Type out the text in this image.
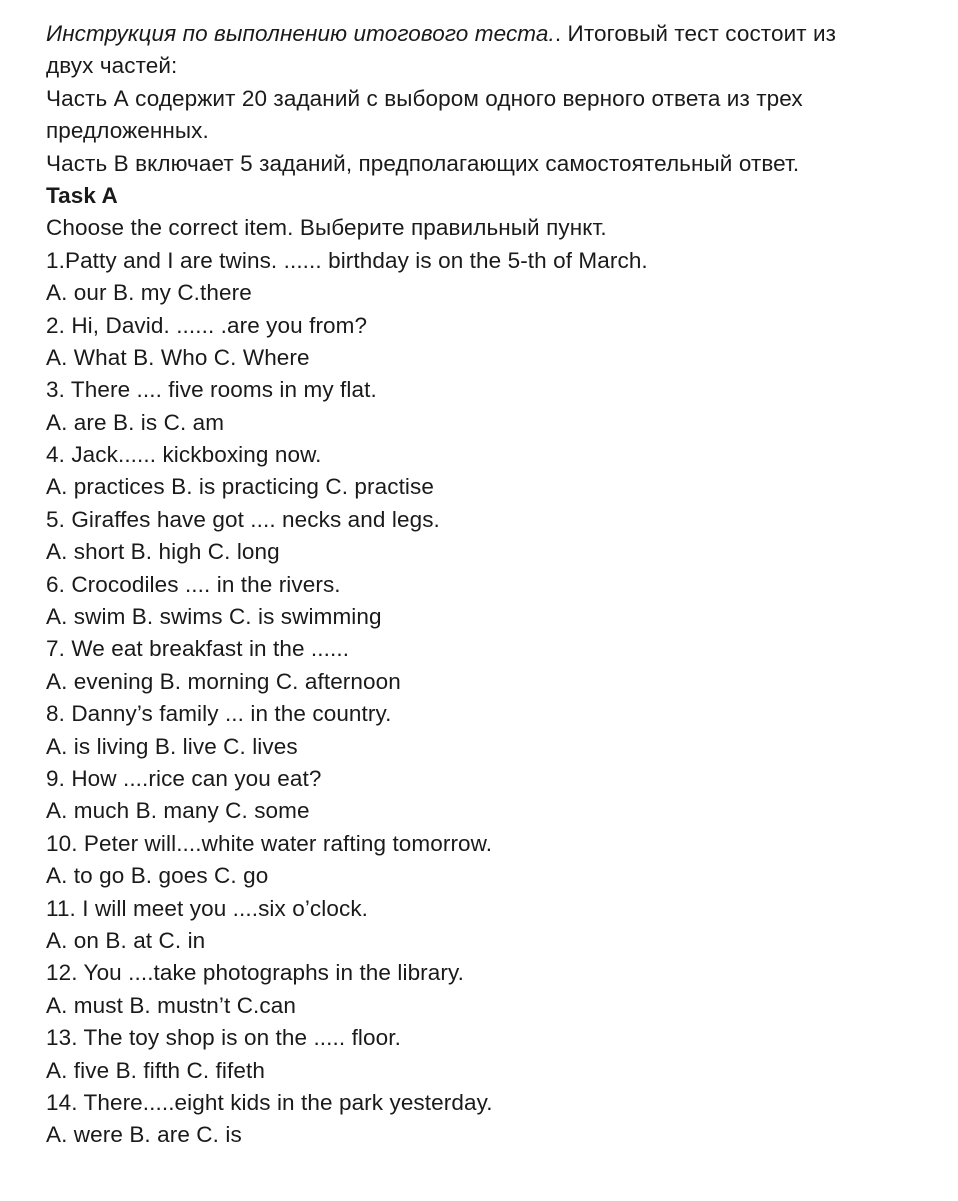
Инструкция по выполнению итогового теста.. Итоговый тест состоит из
двух частей:
Часть А содержит 20 заданий с выбором одного верного ответа из трех
предложенных.
Часть В включает 5 заданий, предполагающих самостоятельный ответ.
Task A
Choose the correct item. Выберите правильный пункт.
1.Patty and I are twins. ...... birthday is on the 5-th of March.
A. our B. my C.there
2. Hi, David. ...... .are you from?
A. What B. Who C. Where
3. There .... five rooms in my flat.
A. are B. is C. am
4. Jack...... kickboxing now.
A. practices B. is practicing C. practise
5. Giraffes have got .... necks and legs.
A. short B. high C. long
6. Crocodiles .... in the rivers.
A. swim B. swims C. is swimming
7. We eat breakfast in the ......
A. evening B. morning C. afternoon
8. Danny’s family ... in the country.
A. is living B. live C. lives
9. How ....rice can you eat?
A. much B. many C. some
10. Peter will....white water rafting tomorrow.
A. to go B. goes C. go
11. I will meet you ....six o’clock.
A. on B. at C. in
12. You ....take photographs in the library.
A. must B. mustn’t C.can
13. The toy shop is on the ..... floor.
A. five B. fifth C. fifeth
14. There.....eight kids in the park yesterday.
A. were B. are C. is
